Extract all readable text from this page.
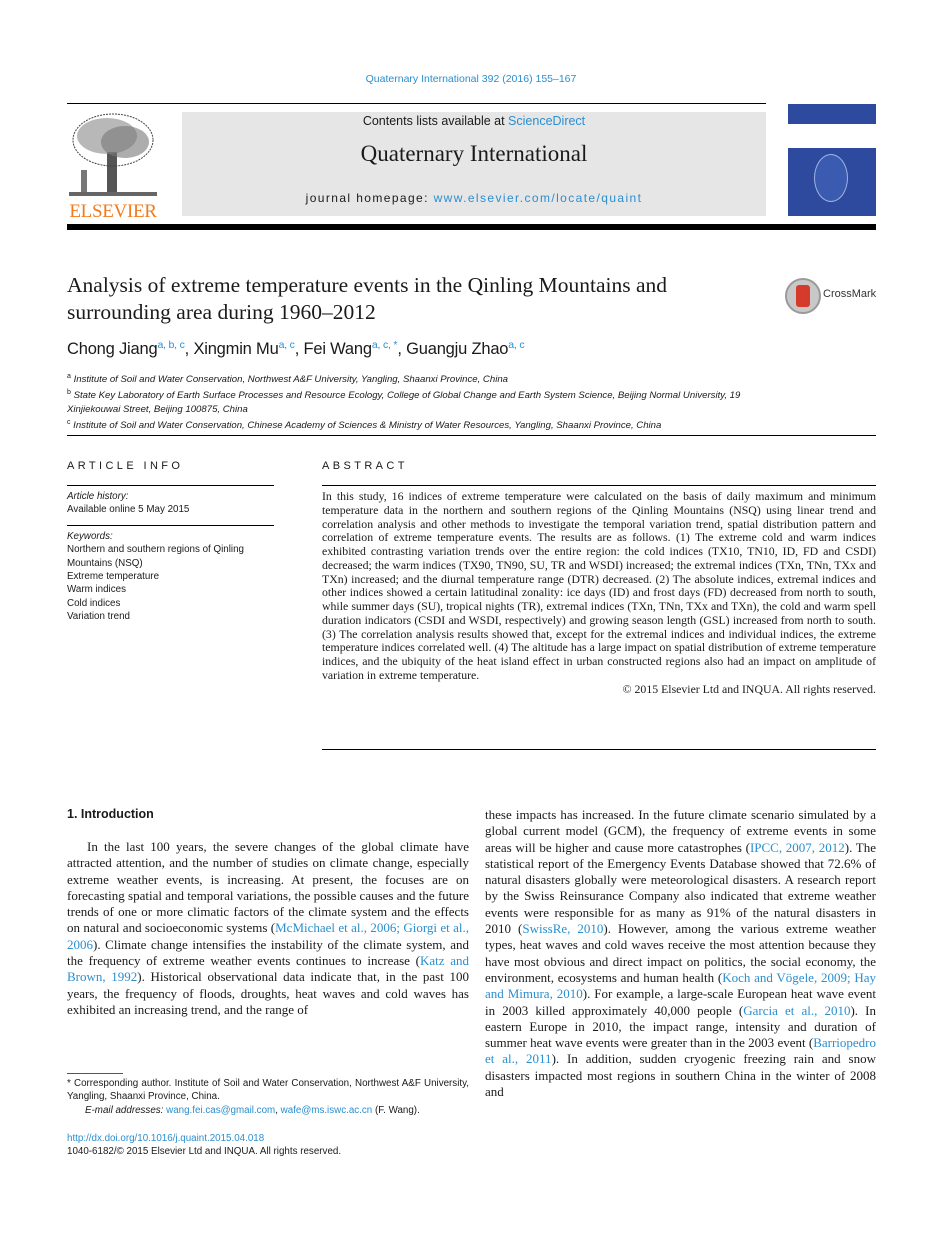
Quaternary International 392 (2016) 155–167
ELSEVIER
Contents lists available at ScienceDirect
Quaternary International
journal homepage: www.elsevier.com/locate/quaint
Analysis of extreme temperature events in the Qinling Mountains and surrounding area during 1960–2012
CrossMark
Chong Jiang$^{a, b, c}$, Xingmin Mu$^{a, c}$, Fei Wang$^{a, c, *}$, Guangju Zhao$^{a, c}$
$^a$ Institute of Soil and Water Conservation, Northwest A&F University, Yangling, Shaanxi Province, China
$^b$ State Key Laboratory of Earth Surface Processes and Resource Ecology, College of Global Change and Earth System Science, Beijing Normal University, 19 Xinjiekouwai Street, Beijing 100875, China
$^c$ Institute of Soil and Water Conservation, Chinese Academy of Sciences & Ministry of Water Resources, Yangling, Shaanxi Province, China
ARTICLE INFO	ABSTRACT
Article history:
Available online 5 May 2015
Keywords:
Northern and southern regions of Qinling Mountains (NSQ)
Extreme temperature
Warm indices
Cold indices
Variation trend

In this study, 16 indices of extreme temperature were calculated on the basis of daily maximum and minimum temperature data in the northern and southern regions of the Qinling Mountains (NSQ) using linear trend and correlation analysis and other methods to investigate the temporal variation trend, spatial distribution pattern and correlation of extreme temperature events. The results are as follows. (1) The extreme cold and warm indices exhibited contrasting variation trends over the entire region: the cold indices (TX10, TN10, ID, FD and CSDI) decreased; the warm indices (TX90, TN90, SU, TR and WSDI) increased; the extremal indices (TXn, TNn, TXx and TXn) increased; and the diurnal temperature range (DTR) decreased. (2) The absolute indices, extremal indices and other indices showed a certain latitudinal zonality: ice days (ID) and frost days (FD) decreased from north to south, while summer days (SU), tropical nights (TR), extremal indices (TXn, TNn, TXx and TXn), the cold and warm spell duration indicators (CSDI and WSDI, respectively) and growing season length (GSL) increased from north to south. (3) The correlation analysis results showed that, except for the extremal indices and individual indices, the extreme temperature indices correlated well. (4) The altitude has a large impact on spatial distribution of extreme temperature indices, and the ubiquity of the heat island effect in urban constructed regions also had an impact on amplitude of variation in extreme temperature.

© 2015 Elsevier Ltd and INQUA. All rights reserved.

1. Introduction

In the last 100 years, the severe changes of the global climate have attracted attention, and the number of studies on climate change, especially extreme weather events, is increasing. At present, the focuses are on forecasting spatial and temporal variations, the possible causes and the future trends of one or more climatic factors of the climate system and the effects on natural and socioeconomic systems (McMichael et al., 2006; Giorgi et al., 2006). Climate change intensifies the instability of the climate system, and the frequency of extreme weather events continues to increase (Katz and Brown, 1992). Historical observational data indicate that, in the past 100 years, the frequency of floods, droughts, heat waves and cold waves has exhibited an increasing trend, and the range of

these impacts has increased. In the future climate scenario simulated by a global current model (GCM), the frequency of extreme events in some areas will be higher and cause more catastrophes (IPCC, 2007, 2012). The statistical report of the Emergency Events Database showed that 72.6% of natural disasters globally were meteorological disasters. A research report by the Swiss Reinsurance Company also indicated that extreme weather events were responsible for as many as 91% of the natural disasters in 2010 (SwissRe, 2010). However, among the various extreme weather types, heat waves and cold waves receive the most attention because they have most obvious and direct impact on politics, the social economy, the environment, ecosystems and human health (Koch and Vögele, 2009; Hay and Mimura, 2010). For example, a large-scale European heat wave event in 2003 killed approximately 40,000 people (Garcia et al., 2010). In eastern Europe in 2010, the impact range, intensity and duration of summer heat wave events were greater than in the 2003 event (Barriopedro et al., 2011). In addition, sudden cryogenic freezing rain and snow disasters impacted most regions in southern China in the winter of 2008 and

* Corresponding author. Institute of Soil and Water Conservation, Northwest A&F University, Yangling, Shaanxi Province, China.
E-mail addresses: wang.fei.cas@gmail.com, wafe@ms.iswc.ac.cn (F. Wang).
http://dx.doi.org/10.1016/j.quaint.2015.04.018
1040-6182/© 2015 Elsevier Ltd and INQUA. All rights reserved.
